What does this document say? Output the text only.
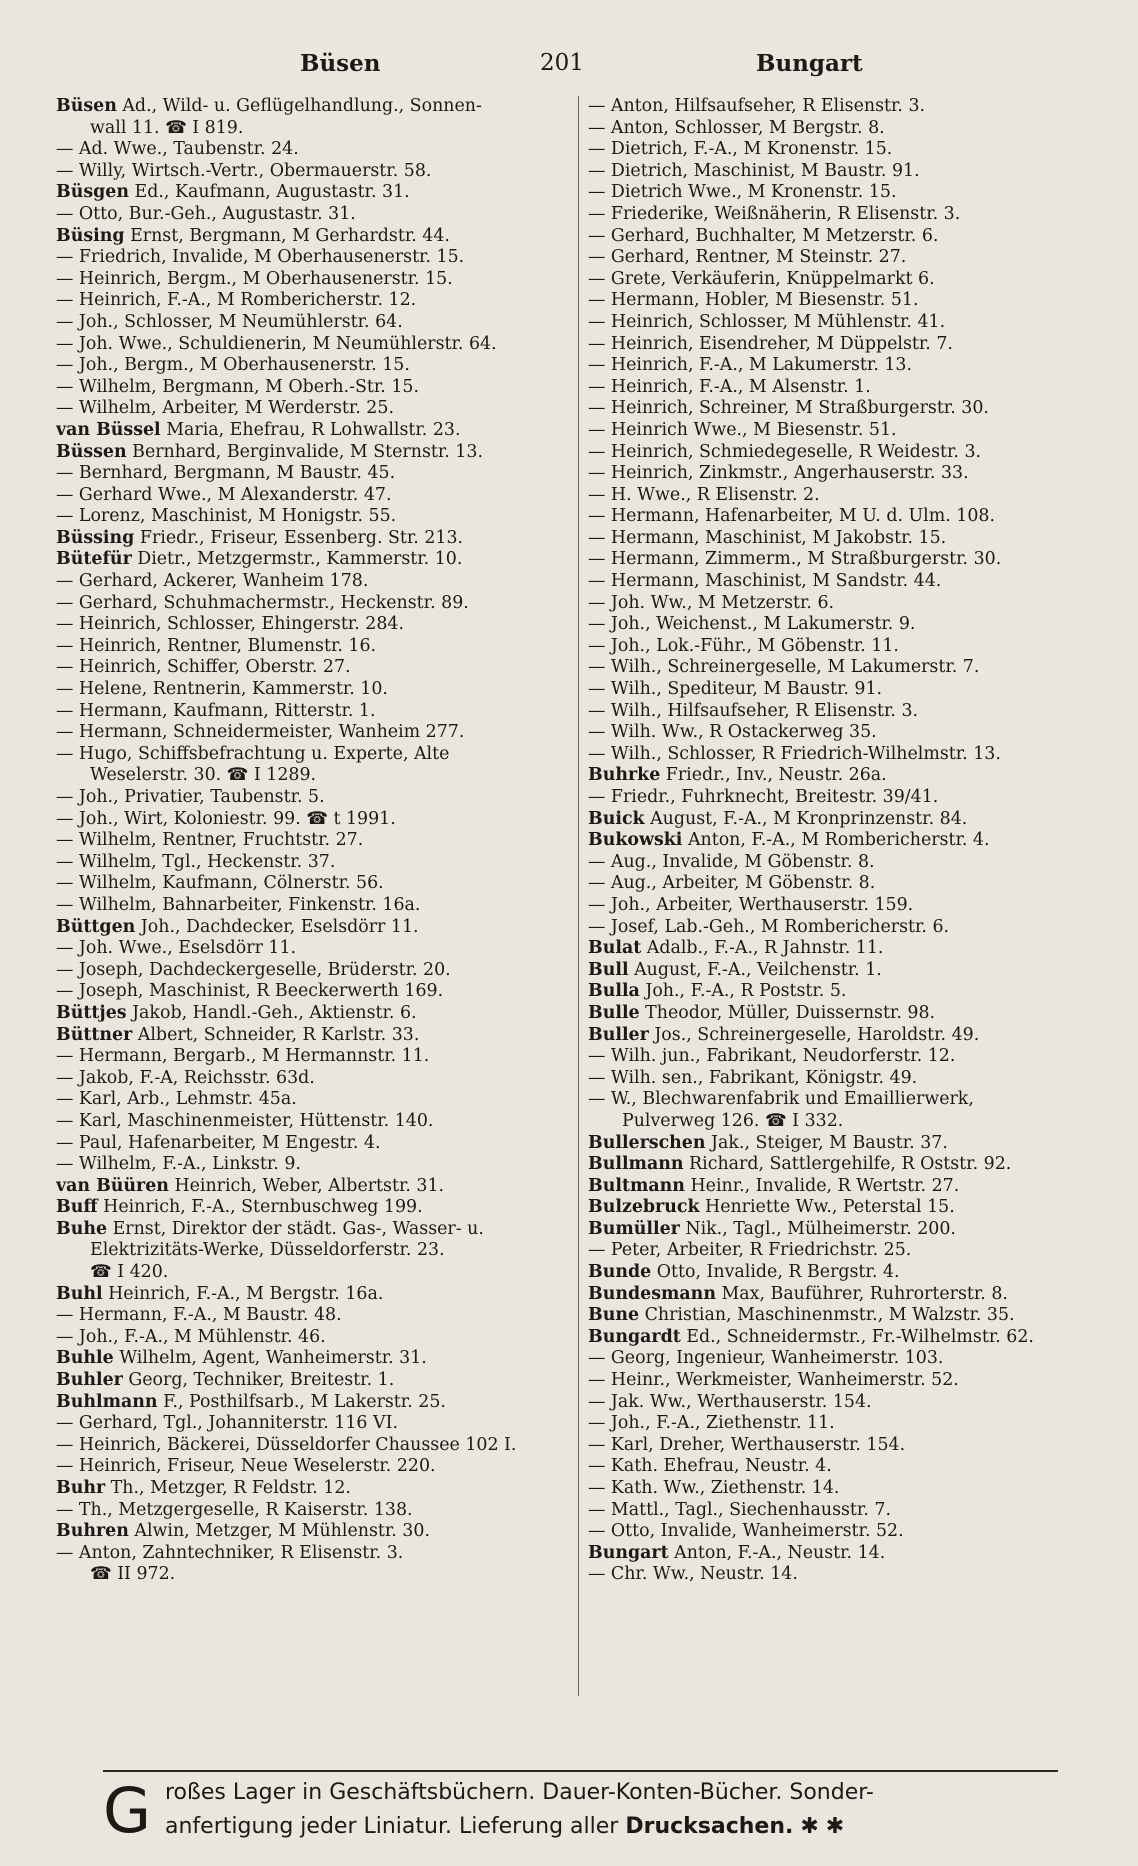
Büsen	201	Bungart
Büsen Ad., Wild- u. Geflügelhandlung., Sonnen-
wall 11. ☎ I 819.
— Ad. Wwe., Taubenstr. 24.
— Willy, Wirtsch.-Vertr., Obermauerstr. 58.
Büsgen Ed., Kaufmann, Augustastr. 31.
— Otto, Bur.-Geh., Augustastr. 31.
Büsing Ernst, Bergmann, M Gerhardstr. 44.
— Friedrich, Invalide, M Oberhausenerstr. 15.
— Heinrich, Bergm., M Oberhausenerstr. 15.
— Heinrich, F.-A., M Rombericherstr. 12.
— Joh., Schlosser, M Neumühlerstr. 64.
— Joh. Wwe., Schuldienerin, M Neumühlerstr. 64.
— Joh., Bergm., M Oberhausenerstr. 15.
— Wilhelm, Bergmann, M Oberh.-Str. 15.
— Wilhelm, Arbeiter, M Werderstr. 25.
van Büssel Maria, Ehefrau, R Lohwallstr. 23.
Büssen Bernhard, Berginvalide, M Sternstr. 13.
— Bernhard, Bergmann, M Baustr. 45.
— Gerhard Wwe., M Alexanderstr. 47.
— Lorenz, Maschinist, M Honigstr. 55.
Büssing Friedr., Friseur, Essenberg. Str. 213.
Bütefür Dietr., Metzgermstr., Kammerstr. 10.
— Gerhard, Ackerer, Wanheim 178.
— Gerhard, Schuhmachermstr., Heckenstr. 89.
— Heinrich, Schlosser, Ehingerstr. 284.
— Heinrich, Rentner, Blumenstr. 16.
— Heinrich, Schiffer, Oberstr. 27.
— Helene, Rentnerin, Kammerstr. 10.
— Hermann, Kaufmann, Ritterstr. 1.
— Hermann, Schneidermeister, Wanheim 277.
— Hugo, Schiffsbefrachtung u. Experte, Alte
Weselerstr. 30. ☎ I 1289.
— Joh., Privatier, Taubenstr. 5.
— Joh., Wirt, Koloniestr. 99. ☎ t 1991.
— Wilhelm, Rentner, Fruchtstr. 27.
— Wilhelm, Tgl., Heckenstr. 37.
— Wilhelm, Kaufmann, Cölnerstr. 56.
— Wilhelm, Bahnarbeiter, Finkenstr. 16a.
Büttgen Joh., Dachdecker, Eselsdörr 11.
— Joh. Wwe., Eselsdörr 11.
— Joseph, Dachdeckergeselle, Brüderstr. 20.
— Joseph, Maschinist, R Beeckerwerth 169.
Büttjes Jakob, Handl.-Geh., Aktienstr. 6.
Büttner Albert, Schneider, R Karlstr. 33.
— Hermann, Bergarb., M Hermannstr. 11.
— Jakob, F.-A, Reichsstr. 63d.
— Karl, Arb., Lehmstr. 45a.
— Karl, Maschinenmeister, Hüttenstr. 140.
— Paul, Hafenarbeiter, M Engestr. 4.
— Wilhelm, F.-A., Linkstr. 9.
van Büüren Heinrich, Weber, Albertstr. 31.
Buff Heinrich, F.-A., Sternbuschweg 199.
Buhe Ernst, Direktor der städt. Gas-, Wasser- u.
Elektrizitäts-Werke, Düsseldorferstr. 23.
☎ I 420.
Buhl Heinrich, F.-A., M Bergstr. 16a.
— Hermann, F.-A., M Baustr. 48.
— Joh., F.-A., M Mühlenstr. 46.
Buhle Wilhelm, Agent, Wanheimerstr. 31.
Buhler Georg, Techniker, Breitestr. 1.
Buhlmann F., Posthilfsarb., M Lakerstr. 25.
— Gerhard, Tgl., Johanniterstr. 116 VI.
— Heinrich, Bäckerei, Düsseldorfer Chaussee 102 I.
— Heinrich, Friseur, Neue Weselerstr. 220.
Buhr Th., Metzger, R Feldstr. 12.
— Th., Metzgergeselle, R Kaiserstr. 138.
Buhren Alwin, Metzger, M Mühlenstr. 30.
— Anton, Zahntechniker, R Elisenstr. 3.
☎ II 972.
— Anton, Hilfsaufseher, R Elisenstr. 3.
— Anton, Schlosser, M Bergstr. 8.
— Dietrich, F.-A., M Kronenstr. 15.
— Dietrich, Maschinist, M Baustr. 91.
— Dietrich Wwe., M Kronenstr. 15.
— Friederike, Weißnäherin, R Elisenstr. 3.
— Gerhard, Buchhalter, M Metzerstr. 6.
— Gerhard, Rentner, M Steinstr. 27.
— Grete, Verkäuferin, Knüppelmarkt 6.
— Hermann, Hobler, M Biesenstr. 51.
— Heinrich, Schlosser, M Mühlenstr. 41.
— Heinrich, Eisendreher, M Düppelstr. 7.
— Heinrich, F.-A., M Lakumerstr. 13.
— Heinrich, F.-A., M Alsenstr. 1.
— Heinrich, Schreiner, M Straßburgerstr. 30.
— Heinrich Wwe., M Biesenstr. 51.
— Heinrich, Schmiedegeselle, R Weidestr. 3.
— Heinrich, Zinkmstr., Angerhauserstr. 33.
— H. Wwe., R Elisenstr. 2.
— Hermann, Hafenarbeiter, M U. d. Ulm. 108.
— Hermann, Maschinist, M Jakobstr. 15.
— Hermann, Zimmerm., M Straßburgerstr. 30.
— Hermann, Maschinist, M Sandstr. 44.
— Joh. Ww., M Metzerstr. 6.
— Joh., Weichenst., M Lakumerstr. 9.
— Joh., Lok.-Führ., M Göbenstr. 11.
— Wilh., Schreinergeselle, M Lakumerstr. 7.
— Wilh., Spediteur, M Baustr. 91.
— Wilh., Hilfsaufseher, R Elisenstr. 3.
— Wilh. Ww., R Ostackerweg 35.
— Wilh., Schlosser, R Friedrich-Wilhelmstr. 13.
Buhrke Friedr., Inv., Neustr. 26a.
— Friedr., Fuhrknecht, Breitestr. 39/41.
Buick August, F.-A., M Kronprinzenstr. 84.
Bukowski Anton, F.-A., M Rombericherstr. 4.
— Aug., Invalide, M Göbenstr. 8.
— Aug., Arbeiter, M Göbenstr. 8.
— Joh., Arbeiter, Werthauserstr. 159.
— Josef, Lab.-Geh., M Rombericherstr. 6.
Bulat Adalb., F.-A., R Jahnstr. 11.
Bull August, F.-A., Veilchenstr. 1.
Bulla Joh., F.-A., R Poststr. 5.
Bulle Theodor, Müller, Duissernstr. 98.
Buller Jos., Schreinergeselle, Haroldstr. 49.
— Wilh. jun., Fabrikant, Neudorferstr. 12.
— Wilh. sen., Fabrikant, Königstr. 49.
— W., Blechwarenfabrik und Emaillierwerk,
Pulverweg 126. ☎ I 332.
Bullerschen Jak., Steiger, M Baustr. 37.
Bullmann Richard, Sattlergehilfe, R Oststr. 92.
Bultmann Heinr., Invalide, R Wertstr. 27.
Bulzebruck Henriette Ww., Peterstal 15.
Bumüller Nik., Tagl., Mülheimerstr. 200.
— Peter, Arbeiter, R Friedrichstr. 25.
Bunde Otto, Invalide, R Bergstr. 4.
Bundesmann Max, Bauführer, Ruhrorterstr. 8.
Bune Christian, Maschinenmstr., M Walzstr. 35.
Bungardt Ed., Schneidermstr., Fr.-Wilhelmstr. 62.
— Georg, Ingenieur, Wanheimerstr. 103.
— Heinr., Werkmeister, Wanheimerstr. 52.
— Jak. Ww., Werthauserstr. 154.
— Joh., F.-A., Ziethenstr. 11.
— Karl, Dreher, Werthauserstr. 154.
— Kath. Ehefrau, Neustr. 4.
— Kath. Ww., Ziethenstr. 14.
— Mattl., Tagl., Siechenhausstr. 7.
— Otto, Invalide, Wanheimerstr. 52.
Bungart Anton, F.-A., Neustr. 14.
— Chr. Ww., Neustr. 14.
G roßes Lager in Geschäftsbüchern. Dauer-Konten-Bücher. Sonder-
anfertigung jeder Liniatur. Lieferung aller Drucksachen. ✱ ✱
